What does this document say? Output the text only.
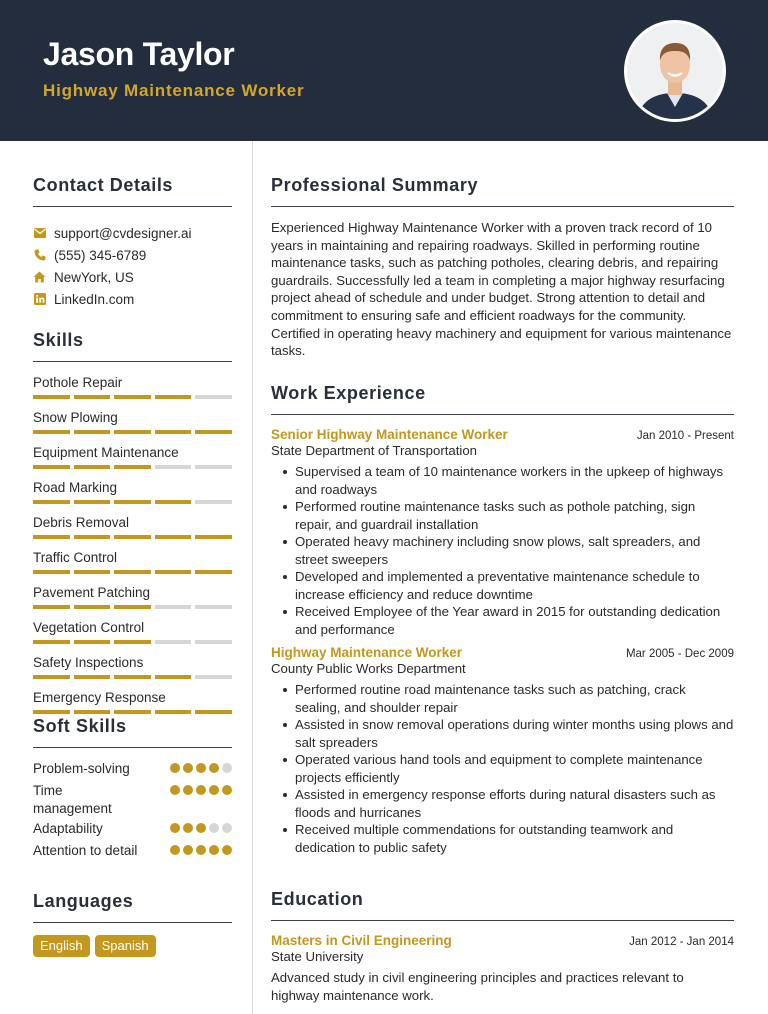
Jason Taylor
Highway Maintenance Worker
Contact Details
support@cvdesigner.ai
(555) 345-6789
NewYork, US
LinkedIn.com
Skills
Pothole Repair
Snow Plowing
Equipment Maintenance
Road Marking
Debris Removal
Traffic Control
Pavement Patching
Vegetation Control
Safety Inspections
Emergency Response
Soft Skills
Problem-solving
Time management
Adaptability
Attention to detail
Languages
English	Spanish
Professional Summary

Experienced Highway Maintenance Worker with a proven track record of 10 years in maintaining and repairing roadways. Skilled in performing routine maintenance tasks, such as patching potholes, clearing debris, and repairing guardrails. Successfully led a team in completing a major highway resurfacing project ahead of schedule and under budget. Strong attention to detail and commitment to ensuring safe and efficient roadways for the community. Certified in operating heavy machinery and equipment for various maintenance tasks.

Work Experience
Senior Highway Maintenance Worker	Jan 2010 - Present
State Department of Transportation
Supervised a team of 10 maintenance workers in the upkeep of highways and roadways
Performed routine maintenance tasks such as pothole patching, sign repair, and guardrail installation
Operated heavy machinery including snow plows, salt spreaders, and street sweepers
Developed and implemented a preventative maintenance schedule to increase efficiency and reduce downtime
Received Employee of the Year award in 2015 for outstanding dedication and performance
Highway Maintenance Worker	Mar 2005 - Dec 2009
County Public Works Department
Performed routine road maintenance tasks such as patching, crack sealing, and shoulder repair
Assisted in snow removal operations during winter months using plows and salt spreaders
Operated various hand tools and equipment to complete maintenance projects efficiently
Assisted in emergency response efforts during natural disasters such as floods and hurricanes
Received multiple commendations for outstanding teamwork and dedication to public safety
Education
Masters in Civil Engineering	Jan 2012 - Jan 2014
State University
Advanced study in civil engineering principles and practices relevant to highway maintenance work.
